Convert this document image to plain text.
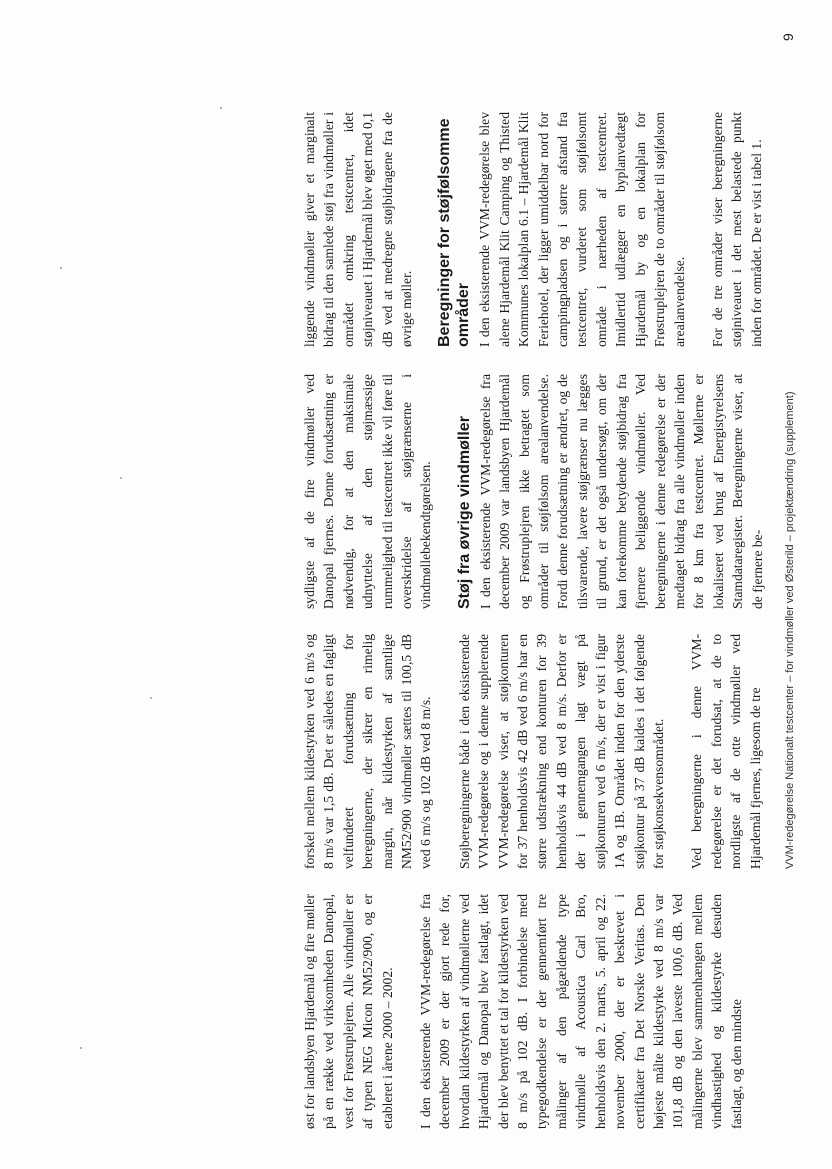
øst for landsbyen Hjardemål og fire møller på en række ved virksomheden Danopal, vest for Frøstruplejren. Alle vindmøller er af typen NEG Micon NM52/900, og er etableret i årene 2000 – 2002. I den eksisterende VVM-redegørelse fra december 2009 er der gjort rede for, hvordan kildestyrken af vindmøllerne ved Hjardemål og Danopal blev fastlagt, idet der blev benyttet et tal for kildestyrken ved 8 m/s på 102 dB. I forbindelse med typegodkendelse er der gennemført tre målinger af den pågældende type vindmølle af Acoustica Carl Bro, henholdsvis den 2. marts, 5. april og 22. november 2000, der er beskrevet i certifikater fra Det Norske Veritas. Den højeste målte kildestyrke ved 8 m/s var 101,8 dB og den laveste 100,6 dB. Ved målingerne blev sammenhængen mellem vindhastighed og kildestyrke desuden fastlagt, og den mindste

forskel mellem kildestyrken ved 6 m/s og 8 m/s var 1,5 dB. Det er således en fagligt velfunderet forudsætning for beregningerne, der sikrer en rimelig margin, når kildestyrken af samtlige NM52/900 vindmøller sættes til 100,5 dB ved 6 m/s og 102 dB ved 8 m/s. Støjberegningerne både i den eksisterende VVM-redegørelse og i denne supplerende VVM-redegørelse viser, at støjkonturen for 37 henholdsvis 42 dB ved 6 m/s har en større udstrækning end konturen for 39 henholdsvis 44 dB ved 8 m/s. Derfor er der i gennemgangen lagt vægt på støjkonturen ved 6 m/s, der er vist i figur 1A og 1B. Området inden for den yderste støjkontur på 37 dB kaldes i det følgende for støjkonsekvensområdet. Ved beregningerne i denne VVM-redegørelse er det forudsat, at de to nordligste af de otte vindmøller ved Hjardemål fjernes, ligesom de tre

sydligste af de fire vindmøller ved Danopal fjernes. Denne forudsætning er nødvendig, for at den maksimale udnyttelse af den støjmæssige rummelighed til testcentret ikke vil føre til overskridelse af støjgrænserne i vindmøllebekendtgørelsen. Støj fra øvrige vindmøller I den eksisterende VVM-redegørelse fra december 2009 var landsbyen Hjardemål og Frøstruplejren ikke betragtet som områder til støjfølsom arealanvendelse. Fordi denne forudsætning er ændret, og de tilsvarende, lavere støjgrænser nu lægges til grund, er det også undersøgt, om der kan forekomme betydende støjbidrag fra fjernere beliggende vindmøller. Ved beregningerne i denne redegørelse er der medtaget bidrag fra alle vindmøller inden for 8 km fra testcentret. Møllerne er lokaliseret ved brug af Energistyrelsens Stamdataregister. Beregningerne viser, at de fjernere be-

liggende vindmøller giver et marginalt bidrag til den samlede støj fra vindmøller i området omkring testcentret, idet støjniveauet i Hjardemål blev øget med 0,1 dB ved at medregne støjbidragene fra de øvrige møller. Beregninger for støjfølsomme områder I den eksisterende VVM-redegørelse blev alene Hjardemål Klit Camping og Thisted Kommunes lokalplan 6.1 – Hjardemål Klit Feriehotel, der ligger umiddelbar nord for campingpladsen og i større afstand fra testcentret, vurderet som støjfølsomt område i nærheden af testcentret. Imidlertid udlægger en byplanvedtægt Hjardemål by og en lokalplan for Frøstruplejren de to områder til støjfølsom arealanvendelse. For de tre områder viser beregningerne støjniveauet i det mest belastede punkt inden for området. De er vist i tabel 1.

VVM-redegørelse Nationalt testcenter – for vindmøller ved Østerild – projektændring (supplement)
9
